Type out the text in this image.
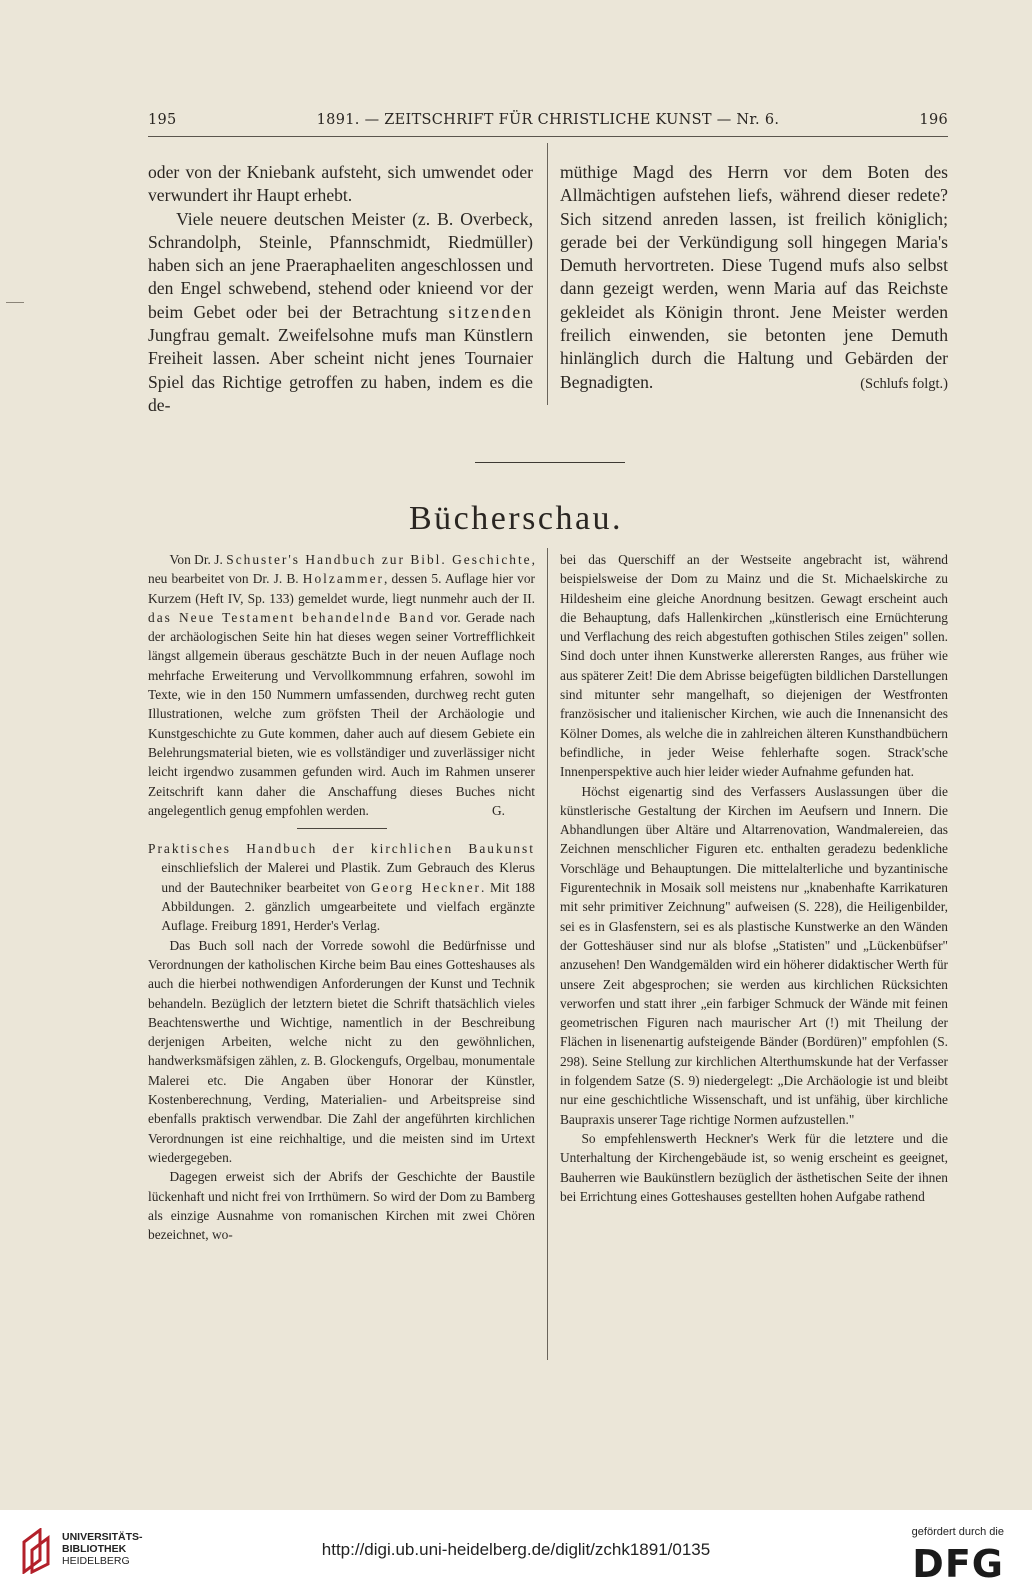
195	1891. — ZEITSCHRIFT FÜR CHRISTLICHE KUNST — Nr. 6.	196

oder von der Kniebank aufsteht, sich umwendet oder verwundert ihr Haupt erhebt.

Viele neuere deutschen Meister (z. B. Overbeck, Schrandolph, Steinle, Pfannschmidt, Riedmüller) haben sich an jene Praeraphaeliten angeschlossen und den Engel schwebend, stehend oder knieend vor der beim Gebet oder bei der Betrachtung sitzenden Jungfrau gemalt. Zweifelsohne mufs man Künstlern Freiheit lassen. Aber scheint nicht jenes Tournaier Spiel das Richtige getroffen zu haben, indem es die de-

müthige Magd des Herrn vor dem Boten des Allmächtigen aufstehen liefs, während dieser redete? Sich sitzend anreden lassen, ist freilich königlich; gerade bei der Verkündigung soll hingegen Maria's Demuth hervortreten. Diese Tugend mufs also selbst dann gezeigt werden, wenn Maria auf das Reichste gekleidet als Königin thront. Jene Meister werden freilich einwenden, sie betonten jene Demuth hinlänglich durch die Haltung und Gebärden der Begnadigten.	(Schlufs folgt.)

Bücherschau.

Von Dr. J. Schuster's Handbuch zur Bibl. Geschichte, neu bearbeitet von Dr. J. B. Holzammer, dessen 5. Auflage hier vor Kurzem (Heft IV, Sp. 133) gemeldet wurde, liegt nunmehr auch der II. das Neue Testament behandelnde Band vor. Gerade nach der archäologischen Seite hin hat dieses wegen seiner Vortrefflichkeit längst allgemein überaus geschätzte Buch in der neuen Auflage noch mehrfache Erweiterung und Vervollkommnung erfahren, sowohl im Texte, wie in den 150 Nummern umfassenden, durchweg recht guten Illustrationen, welche zum gröfsten Theil der Archäologie und Kunstgeschichte zu Gute kommen, daher auch auf diesem Gebiete ein Belehrungsmaterial bieten, wie es vollständiger und zuverlässiger nicht leicht irgendwo zusammen gefunden wird. Auch im Rahmen unserer Zeitschrift kann daher die Anschaffung dieses Buches nicht angelegentlich genug empfohlen werden.	G.

Praktisches Handbuch der kirchlichen Baukunst einschliefslich der Malerei und Plastik. Zum Gebrauch des Klerus und der Bautechniker bearbeitet von Georg Heckner. Mit 188 Abbildungen. 2. gänzlich umgearbeitete und vielfach ergänzte Auflage. Freiburg 1891, Herder's Verlag.

Das Buch soll nach der Vorrede sowohl die Bedürfnisse und Verordnungen der katholischen Kirche beim Bau eines Gotteshauses als auch die hierbei nothwendigen Anforderungen der Kunst und Technik behandeln. Bezüglich der letztern bietet die Schrift thatsächlich vieles Beachtenswerthe und Wichtige, namentlich in der Beschreibung derjenigen Arbeiten, welche nicht zu den gewöhnlichen, handwerksmäfsigen zählen, z. B. Glockengufs, Orgelbau, monumentale Malerei etc. Die Angaben über Honorar der Künstler, Kostenberechnung, Verding, Materialien- und Arbeitspreise sind ebenfalls praktisch verwendbar. Die Zahl der angeführten kirchlichen Verordnungen ist eine reichhaltige, und die meisten sind im Urtext wiedergegeben.

Dagegen erweist sich der Abrifs der Geschichte der Baustile lückenhaft und nicht frei von Irrthümern. So wird der Dom zu Bamberg als einzige Ausnahme von romanischen Kirchen mit zwei Chören bezeichnet, wo-

bei das Querschiff an der Westseite angebracht ist, während beispielsweise der Dom zu Mainz und die St. Michaelskirche zu Hildesheim eine gleiche Anordnung besitzen. Gewagt erscheint auch die Behauptung, dafs Hallenkirchen „künstlerisch eine Ernüchterung und Verflachung des reich abgestuften gothischen Stiles zeigen" sollen. Sind doch unter ihnen Kunstwerke allerersten Ranges, aus früher wie aus späterer Zeit! Die dem Abrisse beigefügten bildlichen Darstellungen sind mitunter sehr mangelhaft, so diejenigen der Westfronten französischer und italienischer Kirchen, wie auch die Innenansicht des Kölner Domes, als welche die in zahlreichen älteren Kunsthandbüchern befindliche, in jeder Weise fehlerhafte sogen. Strack'sche Innenperspektive auch hier leider wieder Aufnahme gefunden hat.

Höchst eigenartig sind des Verfassers Auslassungen über die künstlerische Gestaltung der Kirchen im Aeufsern und Innern. Die Abhandlungen über Altäre und Altarrenovation, Wandmalereien, das Zeichnen menschlicher Figuren etc. enthalten geradezu bedenkliche Vorschläge und Behauptungen. Die mittelalterliche und byzantinische Figurentechnik in Mosaik soll meistens nur „knabenhafte Karrikaturen mit sehr primitiver Zeichnung" aufweisen (S. 228), die Heiligenbilder, sei es in Glasfenstern, sei es als plastische Kunstwerke an den Wänden der Gotteshäuser sind nur als blofse „Statisten" und „Lückenbüfser" anzusehen! Den Wandgemälden wird ein höherer didaktischer Werth für unsere Zeit abgesprochen; sie werden aus kirchlichen Rücksichten verworfen und statt ihrer „ein farbiger Schmuck der Wände mit feinen geometrischen Figuren nach maurischer Art (!) mit Theilung der Flächen in lisenenartig aufsteigende Bänder (Bordüren)" empfohlen (S. 298). Seine Stellung zur kirchlichen Alterthumskunde hat der Verfasser in folgendem Satze (S. 9) niedergelegt: „Die Archäologie ist und bleibt nur eine geschichtliche Wissenschaft, und ist unfähig, über kirchliche Baupraxis unserer Tage richtige Normen aufzustellen."

So empfehlenswerth Heckner's Werk für die letztere und die Unterhaltung der Kirchengebäude ist, so wenig erscheint es geeignet, Bauherren wie Baukünstlern bezüglich der ästhetischen Seite der ihnen bei Errichtung eines Gotteshauses gestellten hohen Aufgabe rathend

UNIVERSITÄTS-
BIBLIOTHEK
HEIDELBERG
http://digi.ub.uni-heidelberg.de/diglit/zchk1891/0135
gefördert durch die
DFG
